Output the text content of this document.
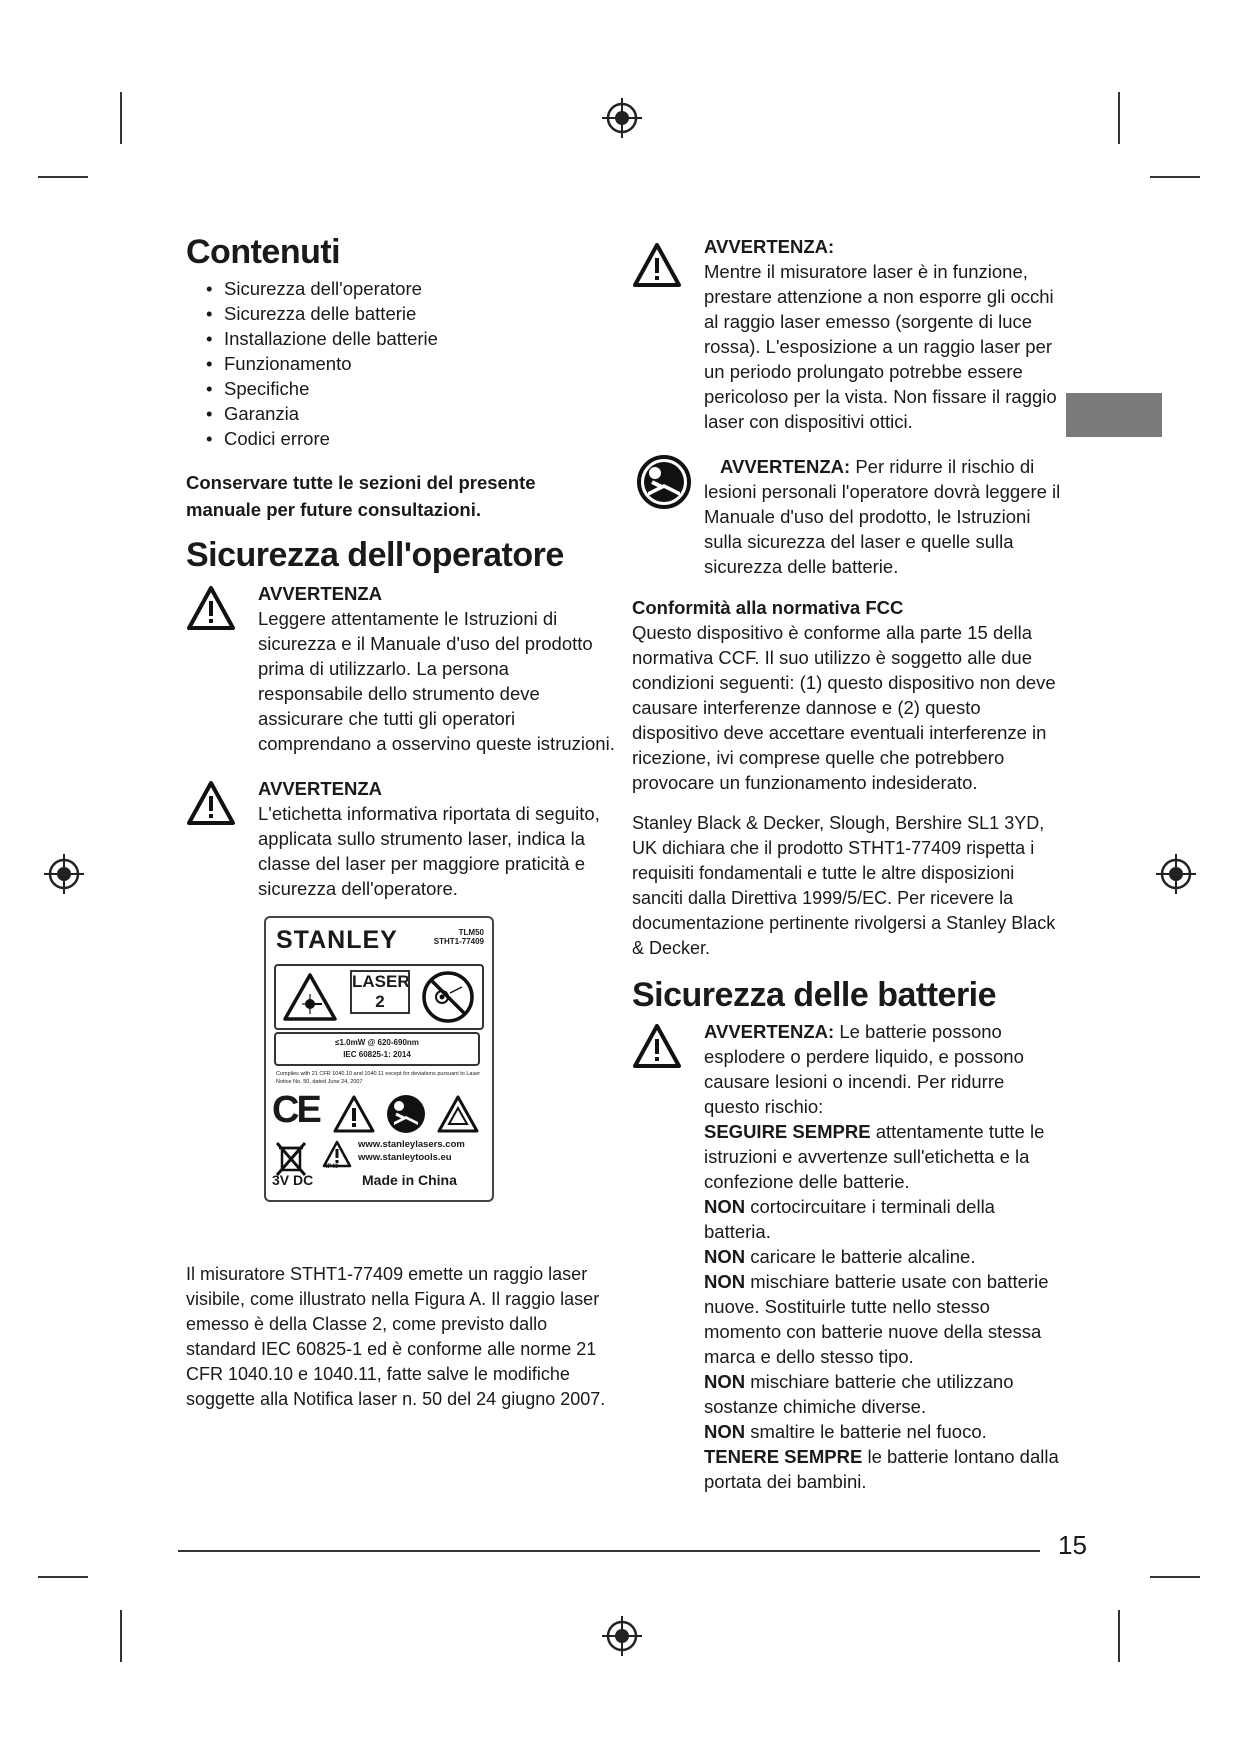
Contenuti
• Sicurezza dell'operatore
• Sicurezza delle batterie
• Installazione delle batterie
• Funzionamento
• Specifiche
• Garanzia
• Codici errore

Conservare tutte le sezioni del presente manuale per future consultazioni.

Sicurezza dell'operatore
AVVERTENZA

Leggere attentamente le Istruzioni di sicurezza e il Manuale d'uso del prodotto prima di utilizzarlo. La persona responsabile dello strumento deve assicurare che tutti gli operatori comprendano a osservino queste istruzioni.

AVVERTENZA

L'etichetta informativa riportata di seguito, applicata sullo strumento laser, indica la classe del laser per maggiore praticità e sicurezza dell'operatore.

STANLEY	TLM50
STHT1-77409
LASER
2
≤1.0mW @ 620-690nm
IEC 60825-1: 2014
Complies with 21 CFR 1040.10 and 1040.11 except for deviations pursuant to Laser Notice No. 50, dated June 24, 2007
CE
www.stanleylasers.com
www.stanleytools.eu
IP40
3V DC	Made in China

Il misuratore STHT1-77409 emette un raggio laser visibile, come illustrato nella Figura A. Il raggio laser emesso è della Classe 2, come previsto dallo standard IEC 60825-1 ed è conforme alle norme 21 CFR 1040.10 e 1040.11, fatte salve le modifiche soggette alla Notifica laser n. 50 del 24 giugno 2007.

AVVERTENZA:

Mentre il misuratore laser è in funzione, prestare attenzione a non esporre gli occhi al raggio laser emesso (sorgente di luce rossa). L'esposizione a un raggio laser per un periodo prolungato potrebbe essere pericoloso per la vista. Non fissare il raggio laser con dispositivi ottici.

AVVERTENZA: Per ridurre il rischio di lesioni personali l'operatore dovrà leggere il Manuale d'uso del prodotto, le Istruzioni sulla sicurezza del laser e quelle sulla sicurezza delle batterie.
Conformità alla normativa FCC

Questo dispositivo è conforme alla parte 15 della normativa CCF. Il suo utilizzo è soggetto alle due condizioni seguenti: (1) questo dispositivo non deve causare interferenze dannose e (2) questo dispositivo deve accettare eventuali interferenze in ricezione, ivi comprese quelle che potrebbero provocare un funzionamento indesiderato.

Stanley Black & Decker, Slough, Bershire SL1 3YD, UK dichiara che il prodotto STHT1-77409 rispetta i requisiti fondamentali e tutte le altre disposizioni sanciti dalla Direttiva 1999/5/EC. Per ricevere la documentazione pertinente rivolgersi a Stanley Black & Decker.

Sicurezza delle batterie

AVVERTENZA: Le batterie possono esplodere o perdere liquido, e possono causare lesioni o incendi. Per ridurre questo rischio:

SEGUIRE SEMPRE attentamente tutte le istruzioni e avvertenze sull'etichetta e la confezione delle batterie.

NON cortocircuitare i terminali della batteria.

NON caricare le batterie alcaline.

NON mischiare batterie usate con batterie nuove. Sostituirle tutte nello stesso momento con batterie nuove della stessa marca e dello stesso tipo.

NON mischiare batterie che utilizzano sostanze chimiche diverse.

NON smaltire le batterie nel fuoco.

TENERE SEMPRE le batterie lontano dalla portata dei bambini.

15
